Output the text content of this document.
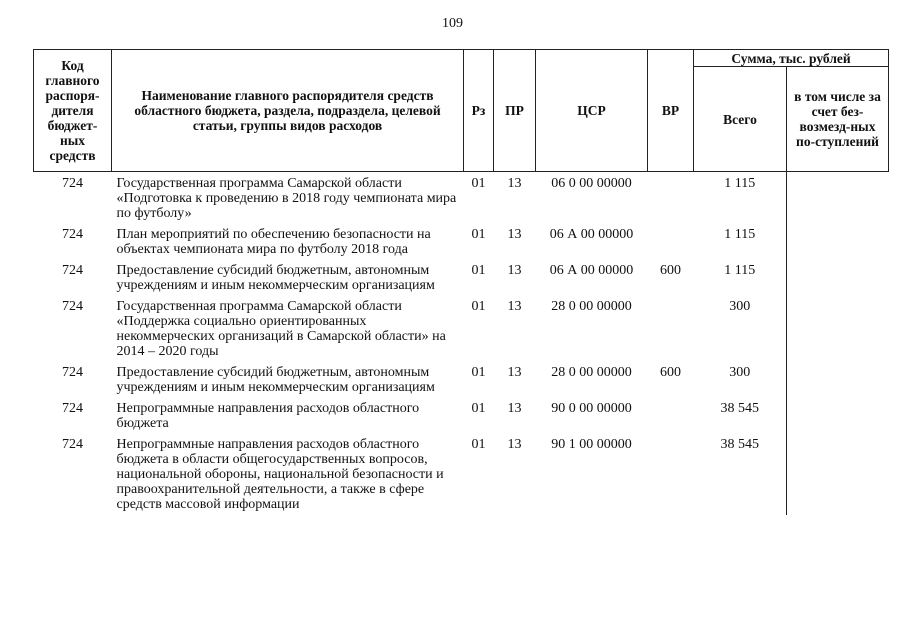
109
Код главного распоря-дителя бюджет-ных средств	Наименование главного распорядителя средств областного бюджета, раздела, подраздела, целевой статьи, группы видов расходов	Рз	ПР	ЦСР	ВР	Сумма, тыс. рублей	
						Всего	в том числе за счет без-возмезд-ных по-ступлений
724	Государственная программа Самарской области «Подготовка к проведению в 2018 году чемпионата мира по футболу»	01	13	06 0 00 00000		1 115	
724	План мероприятий по обеспечению безопасности на объектах чемпионата мира по футболу 2018 года	01	13	06 А 00 00000		1 115	
724	Предоставление субсидий бюджетным, автономным учреждениям и иным некоммерческим организациям	01	13	06 А 00 00000	600	1 115	
724	Государственная программа Самарской области «Поддержка социально ориентированных некоммерческих организаций в Самарской области» на 2014 – 2020 годы	01	13	28 0 00 00000		300	
724	Предоставление субсидий бюджетным, автономным учреждениям и иным некоммерческим организациям	01	13	28 0 00 00000	600	300	
724	Непрограммные направления расходов областного бюджета	01	13	90 0 00 00000		38 545	
724	Непрограммные направления расходов областного бюджета в области общегосударственных вопросов, национальной обороны, национальной безопасности и правоохранительной деятельности, а также в сфере средств массовой информации	01	13	90 1 00 00000		38 545	
